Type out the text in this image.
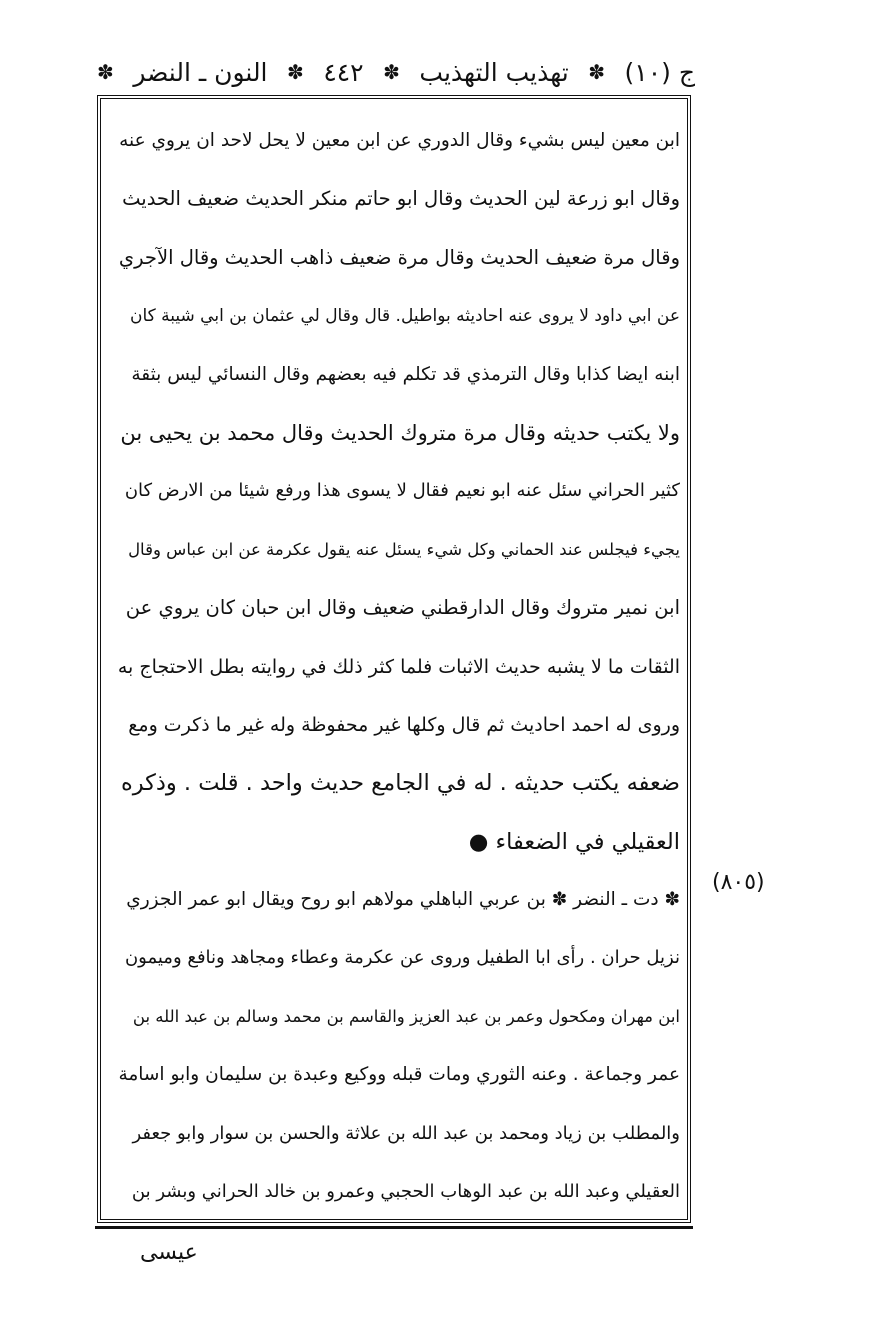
ج (١٠)
✽
تهذيب التهذيب
✽
٤٤٢
✽
النون ـ النضر
✽
ابن معين ليس بشيء وقال الدوري عن ابن معين لا يحل لاحد ان يروي عنه
وقال ابو زرعة لين الحديث وقال ابو حاتم منكر الحديث ضعيف الحديث
وقال مرة ضعيف الحديث وقال مرة ضعيف ذاهب الحديث وقال الآجري
عن ابي داود لا يروى عنه احاديثه بواطيل. قال وقال لي عثمان بن ابي شيبة كان
ابنه ايضا كذابا وقال الترمذي قد تكلم فيه بعضهم وقال النسائي ليس بثقة
ولا يكتب حديثه وقال مرة متروك الحديث وقال محمد بن يحيى بن
كثير الحراني سئل عنه ابو نعيم فقال لا يسوى هذا ورفع شيئا من الارض كان
يجيء فيجلس عند الحماني وكل شيء يسئل عنه يقول عكرمة عن ابن عباس وقال
ابن نمير متروك وقال الدارقطني ضعيف وقال ابن حبان كان يروي عن
الثقات ما لا يشبه حديث الاثبات فلما كثر ذلك في روايته بطل الاحتجاج به
وروى له احمد احاديث ثم قال وكلها غير محفوظة وله غير ما ذكرت ومع
ضعفه يكتب حديثه . له في الجامع حديث واحد . قلت . وذكره
العقيلي في الضعفاء ●
✽ دت ـ النضر ✽ بن عربي الباهلي مولاهم ابو روح ويقال ابو عمر الجزري
نزيل حران . رأى ابا الطفيل وروى عن عكرمة وعطاء ومجاهد ونافع وميمون
ابن مهران ومكحول وعمر بن عبد العزيز والقاسم بن محمد وسالم بن عبد الله بن
عمر وجماعة . وعنه الثوري ومات قبله ووكيع وعبدة بن سليمان وابو اسامة
والمطلب بن زياد ومحمد بن عبد الله بن علاثة والحسن بن سوار وابو جعفر
العقيلي وعبد الله بن عبد الوهاب الحجبي وعمرو بن خالد الحراني وبشر بن
(٨٠٥)
عيسى
